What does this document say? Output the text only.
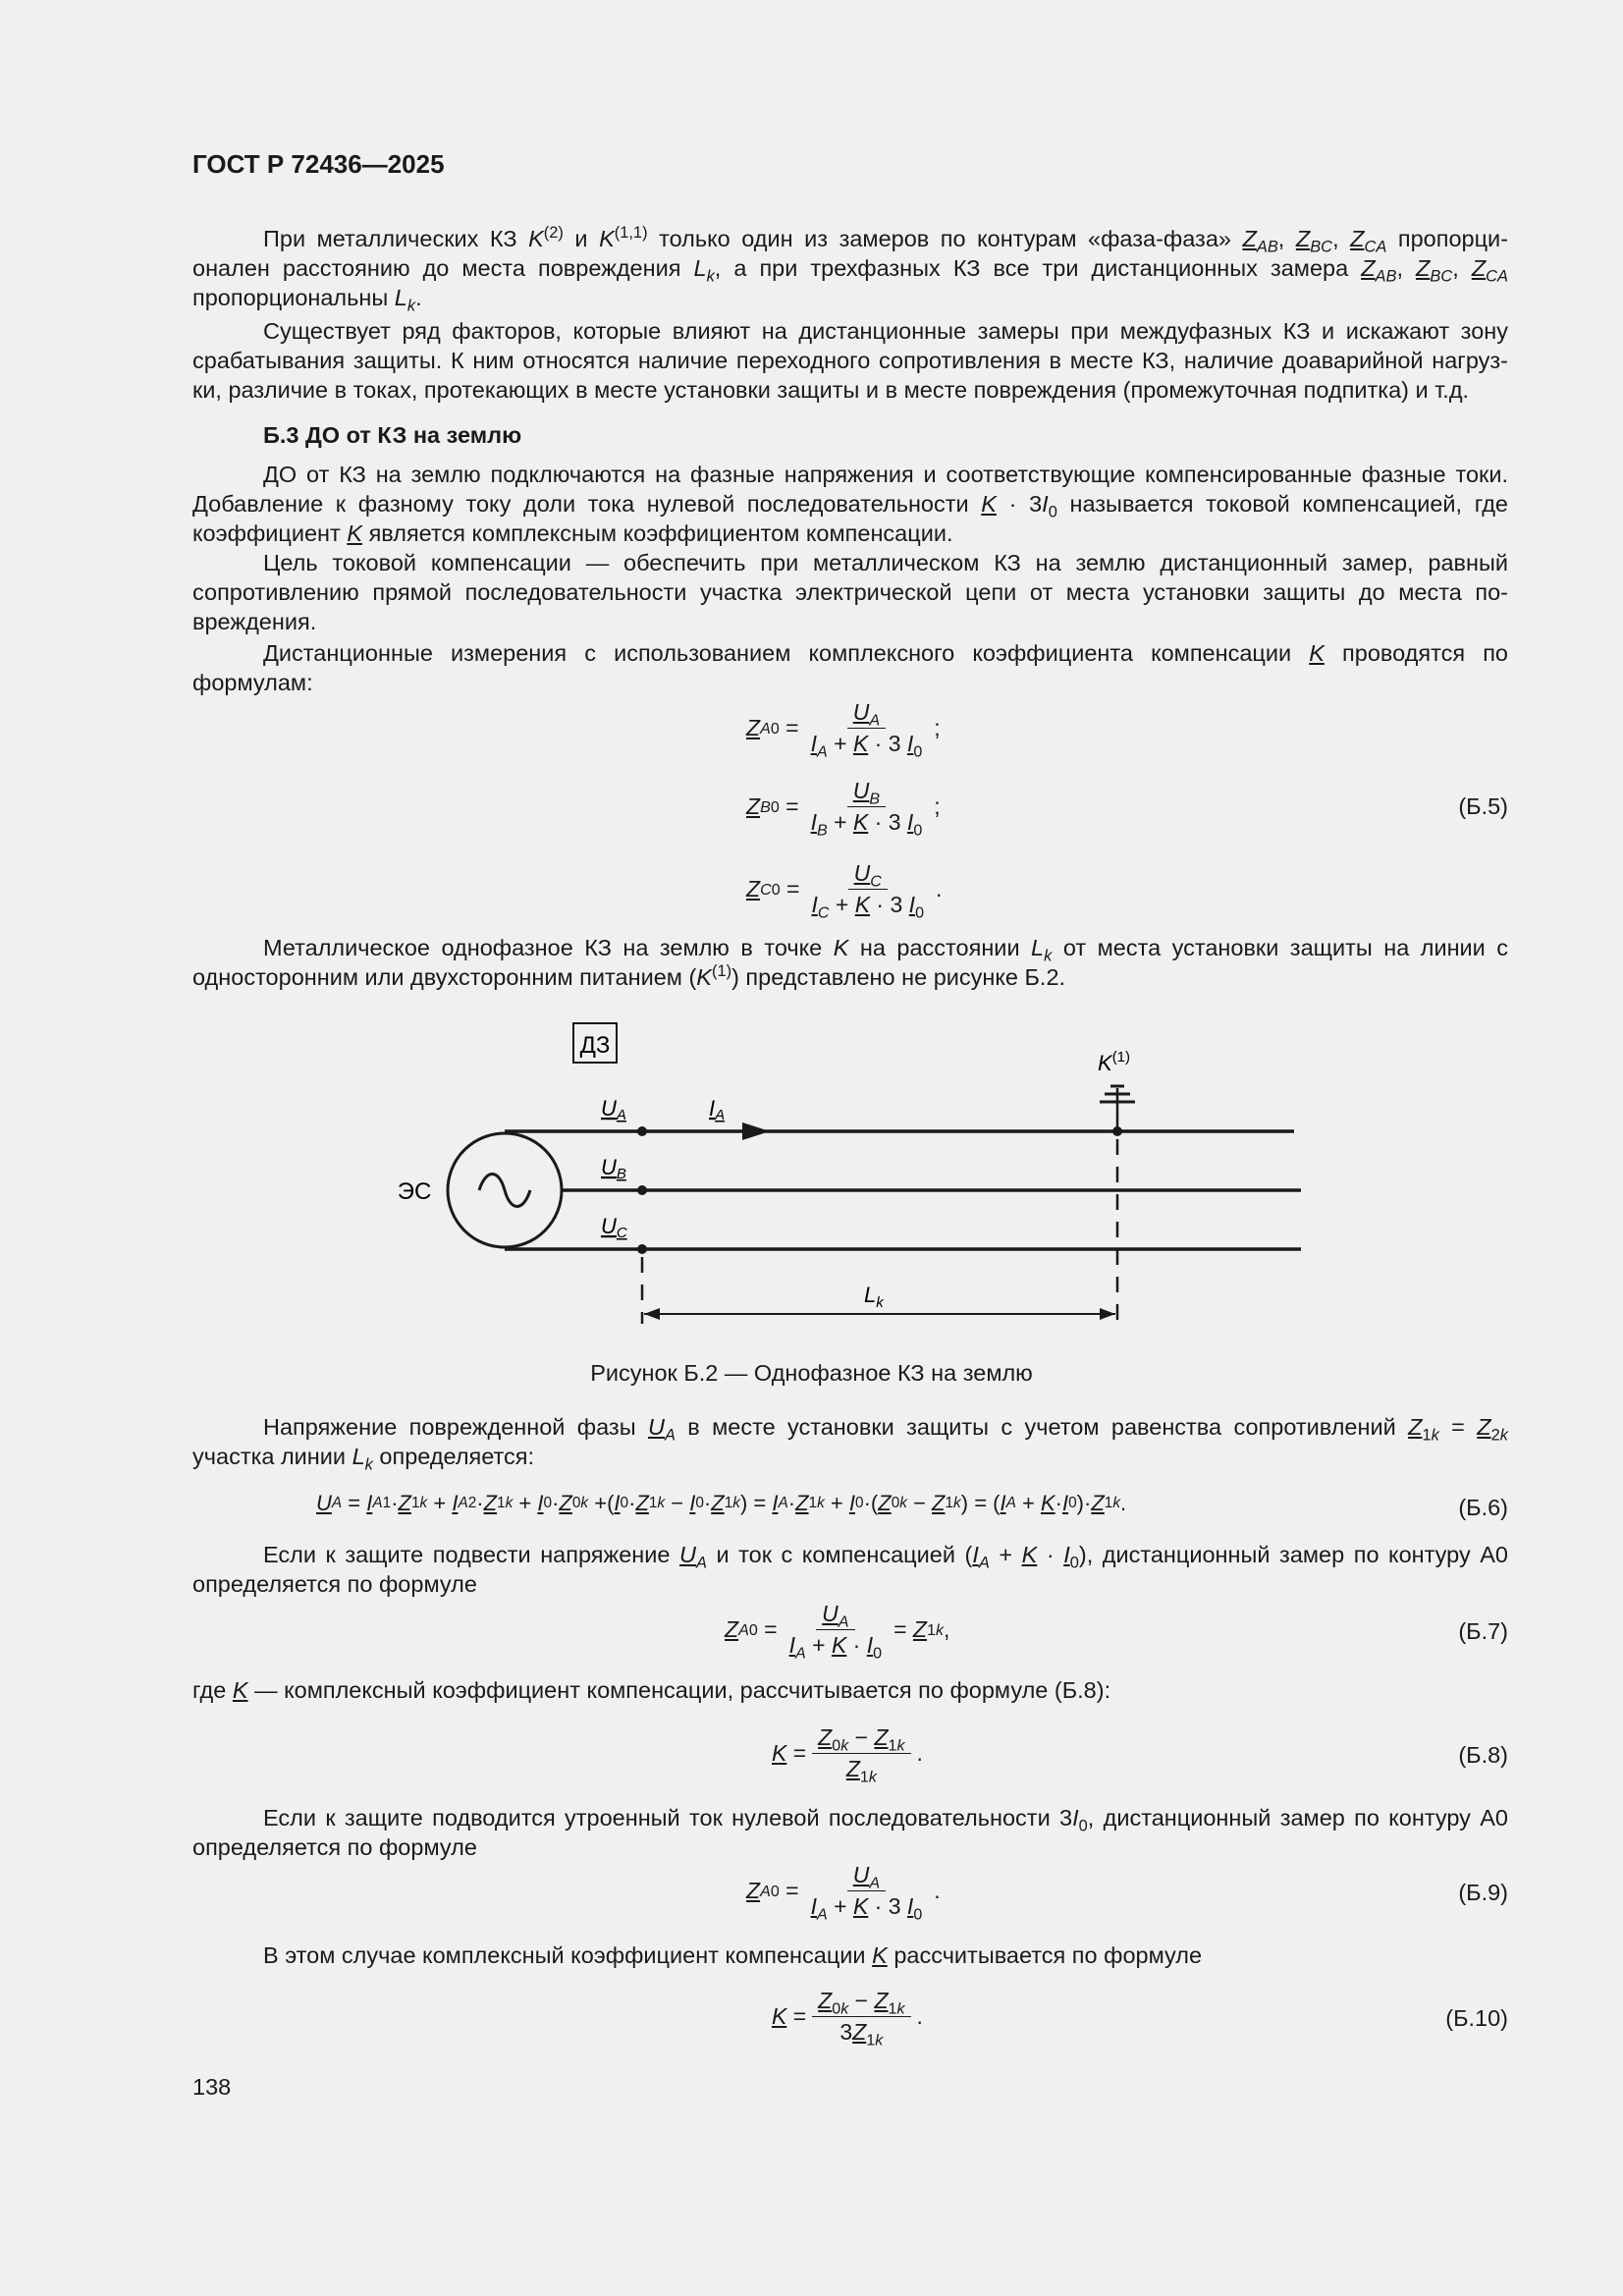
ГОСТ Р 72436—2025

При металлических КЗ $K^{(2)}$ и K$^{(1,1)}$ только один из замеров по контурам «фаза-фаза» $Z_{AB}$, $Z_{BC}$, $Z_{CA}$ пропорци- онален расстоянию до места повреждения $L_k$, а при трехфазных КЗ все три дистанционных замера $Z_{AB}$, $Z_{BC}$, $Z_{CA}$ пропорциональны $L_k$.

Существует ряд факторов, которые влияют на дистанционные замеры при междуфазных КЗ и искажают зону срабатывания защиты. К ним относятся наличие переходного сопротивления в месте КЗ, наличие доаварийной нагруз-ки, различие в токах, протекающих в месте установки защиты и в месте повреждения (промежуточная подпитка) и т.д.

Б.3 ДО от КЗ на землю

ДО от КЗ на землю подключаются на фазные напряжения и соответствующие компенсированные фазные токи. Добавление к фазному току доли тока нулевой последовательности $K \cdot 3I_0$ называется токовой компенсацией, где коэффициент K является комплексным коэффициентом компенсации.

Цель токовой компенсации — обеспечить при металлическом КЗ на землю дистанционный замер, равный сопротивлению прямой последовательности участка электрической цепи от места установки защиты до места по-вреждения.

Дистанционные измерения с использованием комплексного коэффициента компенсации K проводятся по формулам:

Z A $0 = \frac{U_A}{I_A + K \cdot 3 I_0}$ ;
Z B $0 = \frac{U_B}{I_B + K \cdot 3 I_0}$ ;
Z C $0 = \frac{U_C}{I_C + K \cdot 3 I_0}$ .
(Б.5)

Металлическое однофазное КЗ на землю в точке K на расстоянии $L_k$ от места установки защиты на линии с односторонним или двухсторонним питанием $(K^{(1)})$ представлено не рисунке Б.2.

ДЗ
ЭС
UA
UB
UC
IA
$K^{(1)}$
$L_k$
Рисунок Б.2 — Однофазное КЗ на землю

Напряжение поврежденной фазы $U_A$ в месте установки защиты с учетом равенства сопротивлений $Z_{1k} = Z_{2k}$ участка линии $L_k$ определяется:

U A = I A 1 · Z 1k + I A 2 · Z 1k + I 0 · Z 0k +( I 0 · Z 1k − I 0 · Z 1k ) = I A · Z 1k + I 0 ·( Z 0k − Z 1k ) = ( I A + K · I 0 )· Z 1k .	(Б.6)

Если к защите подвести напряжение $U_A$ и ток с компенсацией $(I_A + K \cdot I_0)$, дистанционный замер по контуру A0 определяется по формуле

Z A $0 = \frac{U_A}{I_A + K \cdot I_0} = Z$ 1k ,	(Б.7)

где K — комплексный коэффициент компенсации, рассчитывается по формуле (Б.8):

$K = \frac{Z_{0k} - Z_{1k}}{Z_{1k}}$ .	(Б.8)

Если к защите подводится утроенный ток нулевой последовательности $3I_0$, дистанционный замер по контуру A0 определяется по формуле

Z A $0 = \frac{U_A}{I_A + K \cdot 3 I_0}$ .	(Б.9)

В этом случае комплексный коэффициент компенсации K рассчитывается по формуле

$K = \frac{Z_{0k} - Z_{1k}}{3Z_{1k}}$ .	(Б.10)
138
